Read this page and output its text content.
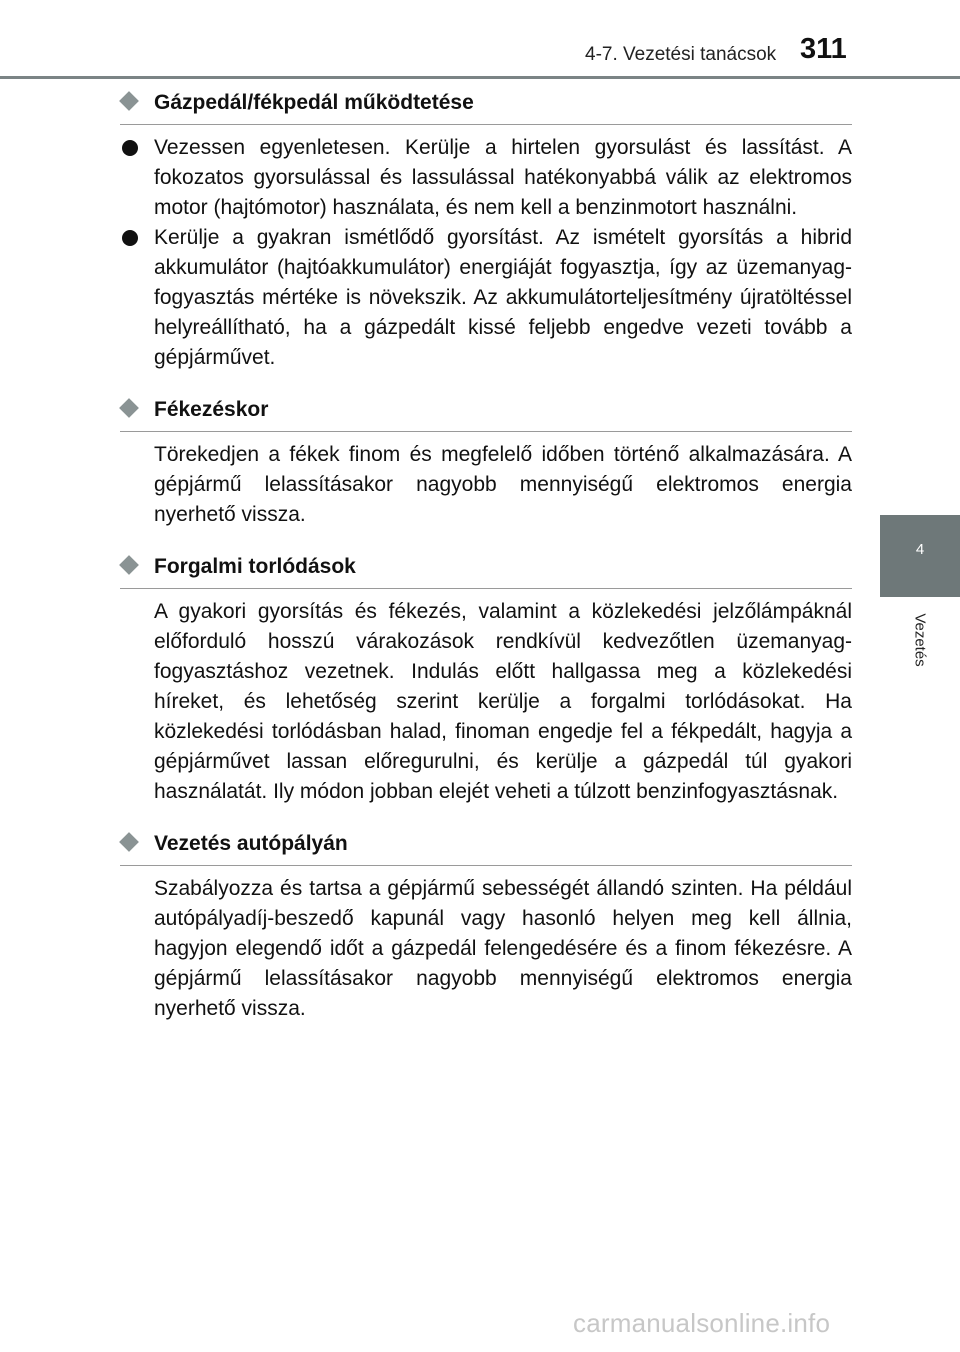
4-7. Vezetési tanácsok 311
4
Vezetés
Gázpedál/fékpedál működtetése
Vezessen egyenletesen. Kerülje a hirtelen gyorsulást és lassítást. A fokozatos gyorsulással és lassulással hatékonyabbá válik az elektromos motor (hajtómotor) használata, és nem kell a benzinmotort használni.
Kerülje a gyakran ismétlődő gyorsítást. Az ismételt gyorsítás a hibrid akkumulátor (hajtóakkumulátor) energiáját fogyasztja, így az üzemanyag-fogyasztás mértéke is növekszik. Az akkumulátorteljesítmény újratöltéssel helyreállítható, ha a gázpedált kissé feljebb engedve vezeti tovább a gépjárművet.
Fékezéskor

Törekedjen a fékek finom és megfelelő időben történő alkalmazására. A gépjármű lelassításakor nagyobb mennyiségű elektromos energia nyerhető vissza.

Forgalmi torlódások

A gyakori gyorsítás és fékezés, valamint a közlekedési jelzőlámpáknál előforduló hosszú várakozások rendkívül kedvezőtlen üzemanyag-fogyasztáshoz vezetnek. Indulás előtt hallgassa meg a közlekedési híreket, és lehetőség szerint kerülje a forgalmi torlódásokat. Ha közlekedési torlódásban halad, finoman engedje fel a fékpedált, hagyja a gépjárművet lassan előregurulni, és kerülje a gázpedál túl gyakori használatát. Ily módon jobban elejét veheti a túlzott benzinfogyasztásnak.

Vezetés autópályán

Szabályozza és tartsa a gépjármű sebességét állandó szinten. Ha például autópályadíj-beszedő kapunál vagy hasonló helyen meg kell állnia, hagyjon elegendő időt a gázpedál felengedésére és a finom fékezésre. A gépjármű lelassításakor nagyobb mennyiségű elektromos energia nyerhető vissza.

carmanualsonline.info
